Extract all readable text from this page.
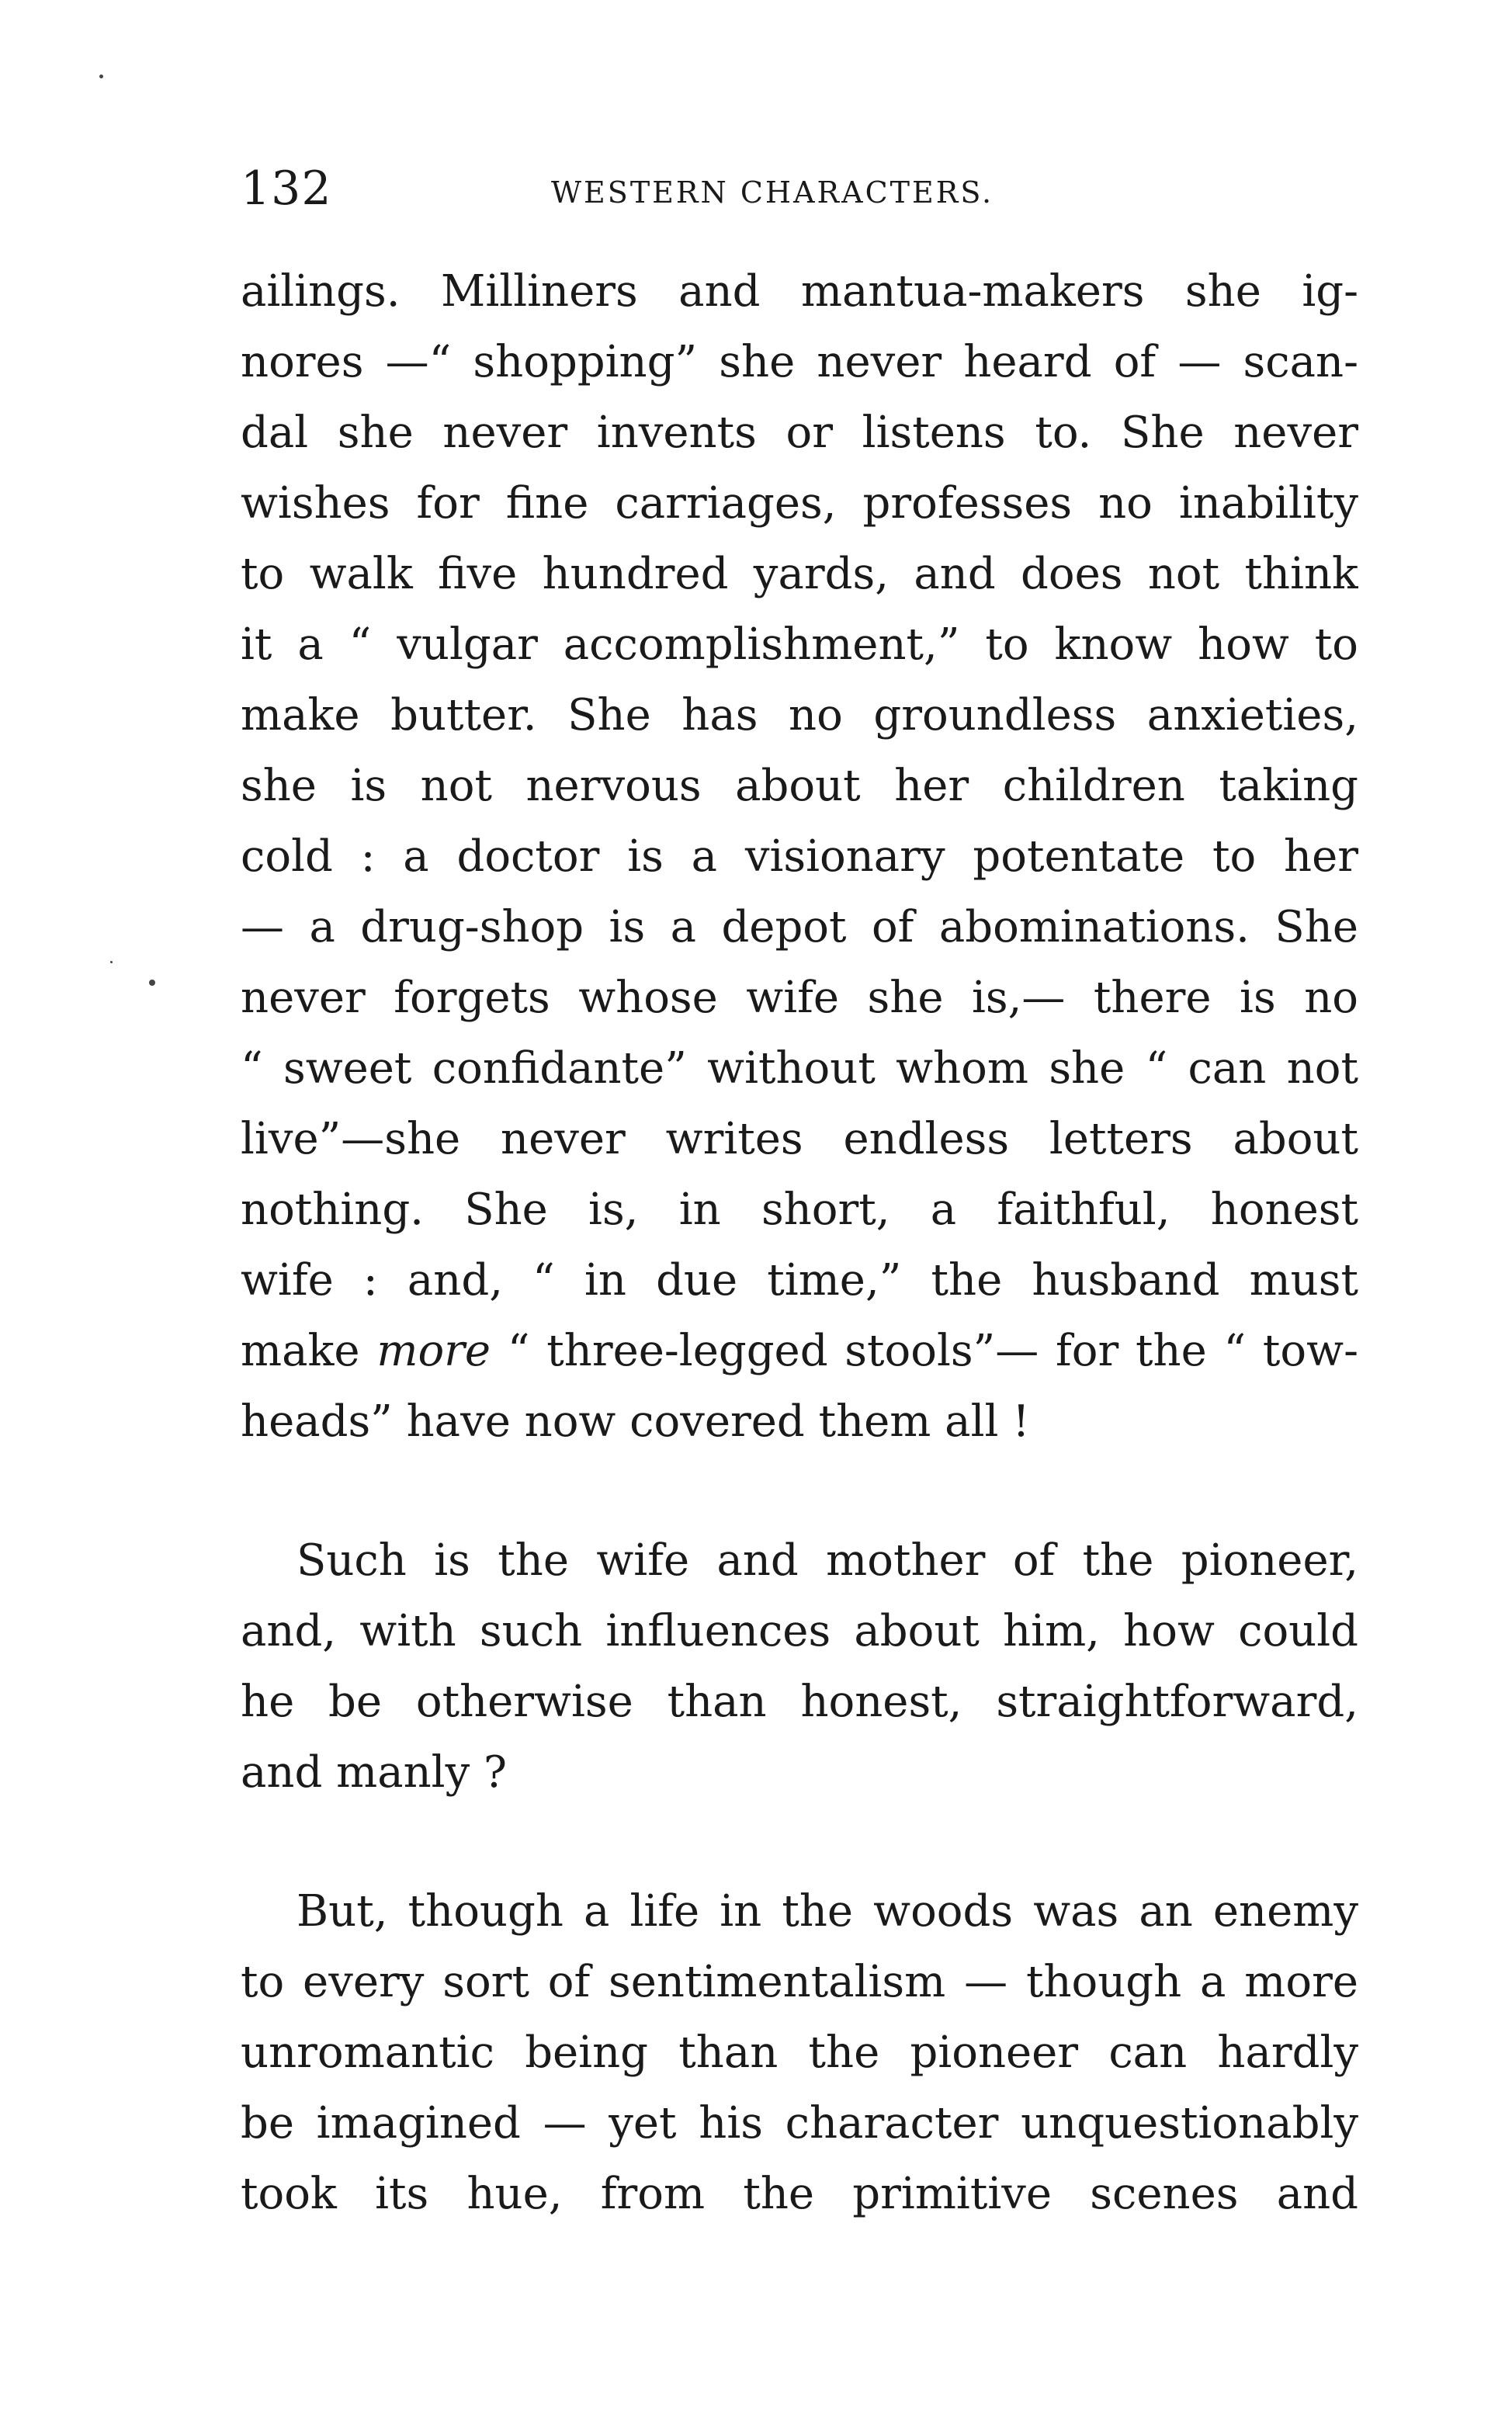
132	WESTERN CHARACTERS.
ailings. Milliners and mantua-makers she ig-
nores —“ shopping” she never heard of — scan-
dal she never invents or listens to. She never
wishes for fine carriages, professes no inability
to walk five hundred yards, and does not think
it a “ vulgar accomplishment,” to know how to
make butter. She has no groundless anxieties,
she is not nervous about her children taking
cold : a doctor is a visionary potentate to her
— a drug-shop is a depot of abominations. She
never forgets whose wife she is,— there is no
“ sweet confidante” without whom she “ can not
live”—she never writes endless letters about
nothing. She is, in short, a faithful, honest
wife : and, “ in due time,” the husband must
make more “ three-legged stools”— for the “ tow-
heads” have now covered them all !
Such is the wife and mother of the pioneer,
and, with such influences about him, how could
he be otherwise than honest, straightforward,
and manly ?
But, though a life in the woods was an enemy
to every sort of sentimentalism — though a more
unromantic being than the pioneer can hardly
be imagined — yet his character unquestionably
took its hue, from the primitive scenes and
